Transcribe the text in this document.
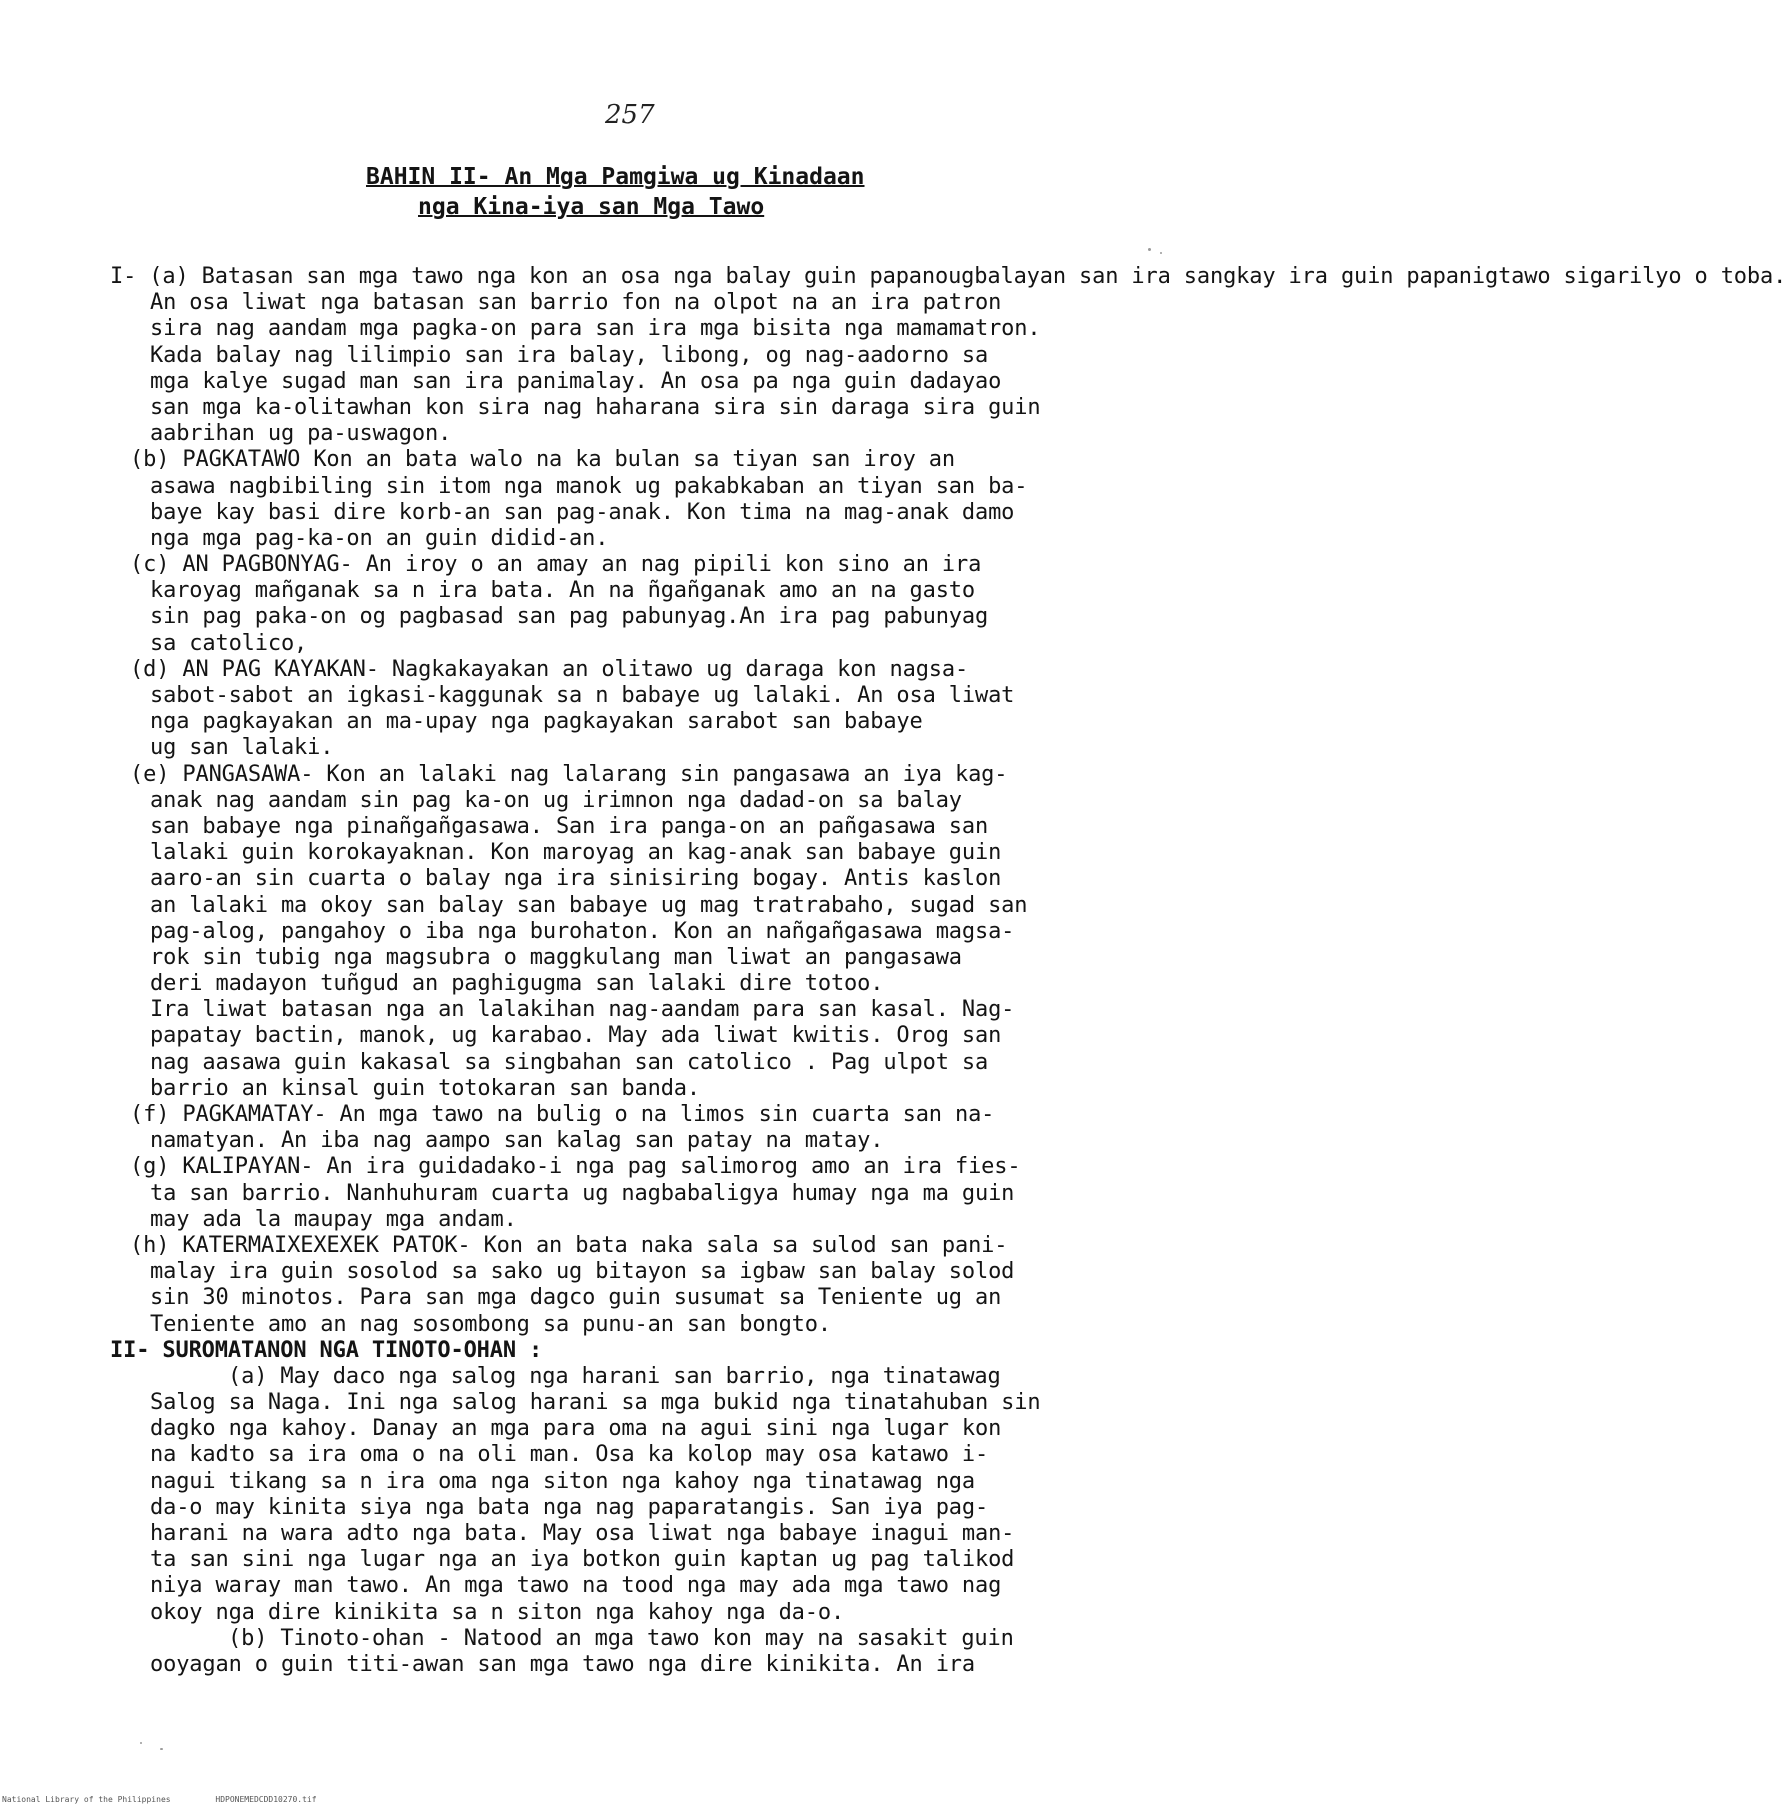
257
BAHIN II- An Mga Pamgiwa ug Kinadaan
nga Kina-iya san Mga Tawo
I- (a) Batasan san mga tawo nga kon an osa nga balay guin papanougbalayan san ira sangkay ira guin papanigtawo sigarilyo o toba.
An osa liwat nga batasan san barrio fon na olpot na an ira patron
sira nag aandam mga pagka-on para san ira mga bisita nga mamamatron.
Kada balay nag lilimpio san ira balay, libong, og nag-aadorno sa
mga kalye sugad man san ira panimalay. An osa pa nga guin dadayao
san mga ka-olitawhan kon sira nag haharana sira sin daraga sira guin
aabrihan ug pa-uswagon.
(b) PAGKATAWO Kon an bata walo na ka bulan sa tiyan san iroy an
asawa nagbibiling sin itom nga manok ug pakabkaban an tiyan san ba-
baye kay basi dire korb-an san pag-anak. Kon tima na mag-anak damo
nga mga pag-ka-on an guin didid-an.
(c) AN PAGBONYAG- An iroy o an amay an nag pipili kon sino an ira
karoyag mañganak sa n ira bata. An na ñgañganak amo an na gasto
sin pag paka-on og pagbasad san pag pabunyag.An ira pag pabunyag
sa catolico,
(d) AN PAG KAYAKAN- Nagkakayakan an olitawo ug daraga kon nagsa-
sabot-sabot an igkasi-kaggunak sa n babaye ug lalaki. An osa liwat
nga pagkayakan an ma-upay nga pagkayakan sarabot san babaye
ug san lalaki.
(e) PANGASAWA- Kon an lalaki nag lalarang sin pangasawa an iya kag-
anak nag aandam sin pag ka-on ug irimnon nga dadad-on sa balay
san babaye nga pinañgañgasawa. San ira panga-on an pañgasawa san
lalaki guin korokayaknan. Kon maroyag an kag-anak san babaye guin
aaro-an sin cuarta o balay nga ira sinisiring bogay. Antis kaslon
an lalaki ma okoy san balay san babaye ug mag tratrabaho, sugad san
pag-alog, pangahoy o iba nga burohaton. Kon an nañgañgasawa magsa-
rok sin tubig nga magsubra o maggkulang man liwat an pangasawa
deri madayon tuñgud an paghigugma san lalaki dire totoo.
Ira liwat batasan nga an lalakihan nag-aandam para san kasal. Nag-
papatay bactin, manok, ug karabao. May ada liwat kwitis. Orog san
nag aasawa guin kakasal sa singbahan san catolico . Pag ulpot sa
barrio an kinsal guin totokaran san banda.
(f) PAGKAMATAY- An mga tawo na bulig o na limos sin cuarta san na-
namatyan. An iba nag aampo san kalag san patay na matay.
(g) KALIPAYAN- An ira guidadako-i nga pag salimorog amo an ira fies-
ta san barrio. Nanhuhuram cuarta ug nagbabaligya humay nga ma guin
may ada la maupay mga andam.
(h) KATERMAIXEXEXEK PATOK- Kon an bata naka sala sa sulod san pani-
malay ira guin sosolod sa sako ug bitayon sa igbaw san balay solod
sin 30 minotos. Para san mga dagco guin susumat sa Teniente ug an
Teniente amo an nag sosombong sa punu-an san bongto.
II- SUROMATANON NGA TINOTO-OHAN :
(a) May daco nga salog nga harani san barrio, nga tinatawag
Salog sa Naga. Ini nga salog harani sa mga bukid nga tinatahuban sin
dagko nga kahoy. Danay an mga para oma na agui sini nga lugar kon
na kadto sa ira oma o na oli man. Osa ka kolop may osa katawo i-
nagui tikang sa n ira oma nga siton nga kahoy nga tinatawag nga
da-o may kinita siya nga bata nga nag paparatangis. San iya pag-
harani na wara adto nga bata. May osa liwat nga babaye inagui man-
ta san sini nga lugar nga an iya botkon guin kaptan ug pag talikod
niya waray man tawo. An mga tawo na tood nga may ada mga tawo nag
okoy nga dire kinikita sa n siton nga kahoy nga da-o.
(b) Tinoto-ohan - Natood an mga tawo kon may na sasakit guin
ooyagan o guin titi-awan san mga tawo nga dire kinikita. An ira
National Library of the Philippines	HDPONEMEDCDD10270.tif
